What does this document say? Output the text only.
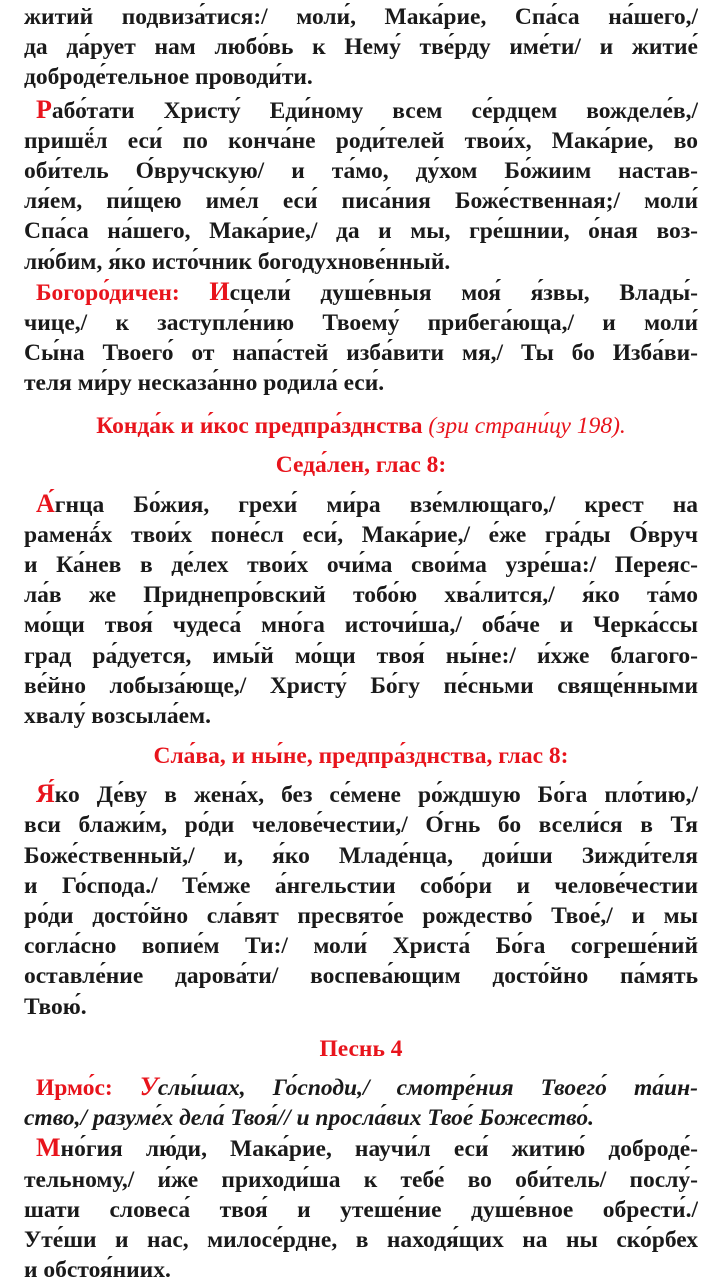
житий подвиза́тися:/ моли́, Мака́рие, Спа́са на́шего,/
да да́рует нам любо́вь к Нему́ тве́рду име́ти/ и житие́
доброде́тельное проводи́ти.
Рабо́тати Христу́ Еди́ному всем се́рдцем вожделе́в,/
пришё́л еси́ по конча́не роди́телей твои́х, Мака́рие, во
оби́тель О́вручскую/ и та́мо, ду́хом Бо́жиим настав-
ля́ем, пи́щею име́л еси́ писа́ния Боже́ственная;/ моли́
Спа́са на́шего, Мака́рие,/ да и мы, гре́шнии, о́ная воз-
лю́бим, я́ко исто́чник богодухнове́нный.
Богоро́дичен: Исцели́ душе́вныя моя́ я́звы, Влады́-
чице,/ к заступле́нию Твоему́ прибега́юща,/ и моли́
Сы́на Твоего́ от напа́стей изба́вити мя,/ Ты бо Изба́ви-
теля ми́ру несказа́нно родила́ еси́.
Конда́к и и́кос предпра́зднства (зри страни́цу 198).
Седа́лен, глас 8:
А́гнца Бо́жия, грехи́ ми́ра взе́млющаго,/ крест на
раменá́х твои́х поне́сл еси́, Мака́рие,/ е́же гра́ды О́вруч
и Ка́нев в де́лех твои́х очи́ма свои́ма узре́ша:/ Переяс-
ла́в же Приднепро́вский тобо́ю хва́лится,/ я́ко та́мо
мо́щи твоя́ чудеса́ мно́га источи́ша,/ оба́че и Черка́ссы
град ра́дуется, имы́й мо́щи твоя́ ны́не:/ и́хже благого-
ве́йно лобыза́юще,/ Христу́ Бо́гу пе́сньми свяще́нными
хвалу́ возсыла́ем.
Сла́ва, и ны́не, предпра́зднства, глас 8:
Я́ко Де́ву в жена́х, без се́мене ро́ждшую Бо́га пло́тию,/
вси блажи́м, ро́ди челове́честии,/ О́гнь бо всели́ся в Тя
Боже́ственный,/ и, я́ко Младе́нца, дои́ши Зижди́теля
и Го́спода./ Те́мже а́нгельстии собо́ри и челове́честии
ро́ди досто́йно сла́вят пресвято́е рождество́ Твое́,/ и мы
согла́сно вопие́м Ти:/ моли́ Христа́ Бо́га согреше́ний
оставле́ние дарова́ти/ воспева́ющим досто́йно па́мять
Твою́.
Песнь 4
Ирмо́с: Услы́шах, Го́споди,/ смотре́ния Твоего́ та́ин-
ство,/ разуме́х дела́ Твоя́// и просла́вих Твое́ Божество́.
Мно́гия лю́ди, Мака́рие, научи́л еси́ житию́ доброде́-
тельному,/ и́же приходи́ша к тебе́ во оби́тель/ послу́-
шати словеса́ твоя́ и утеше́ние душе́вное обрести́./
Уте́ши и нас, милосе́рдне, в находя́щих на ны ско́рбех
и обстоя́ниих.
